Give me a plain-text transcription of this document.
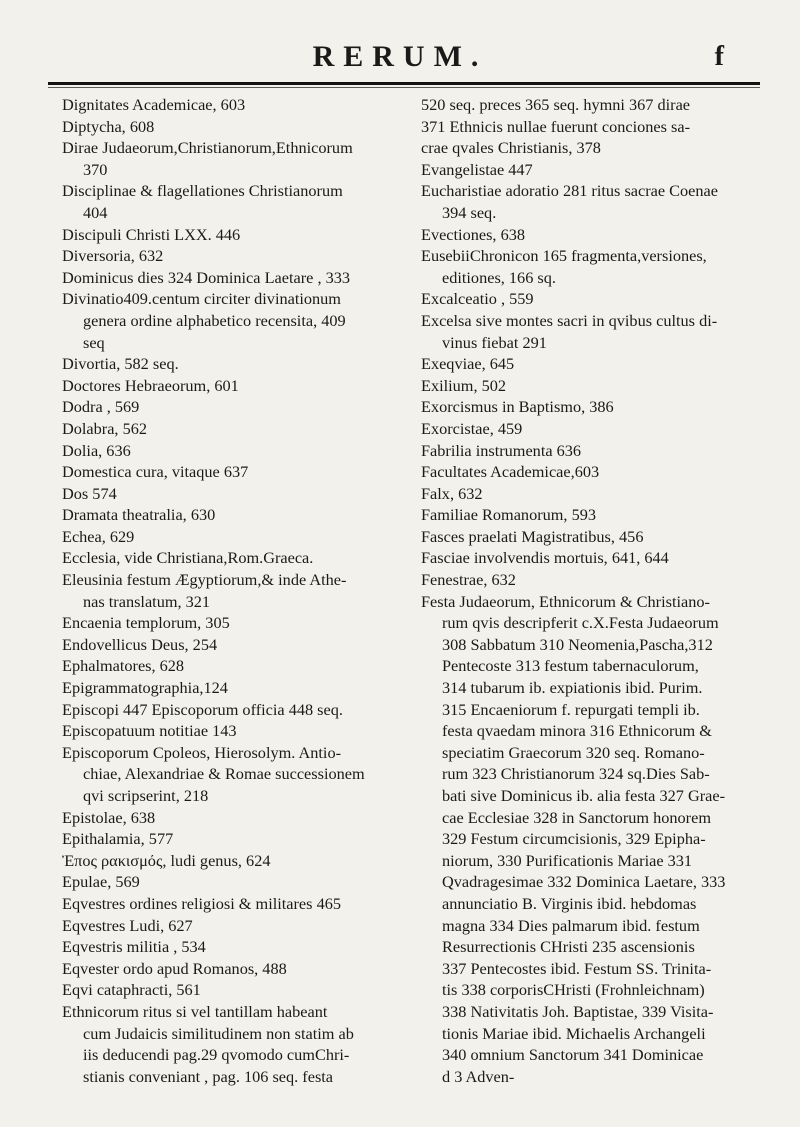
RERUM.	f
Dignitates Academicae, 603
Diptycha, 608
Dirae Judaeorum,Christianorum,Ethnicorum
370
Disciplinae & flagellationes Christianorum
404
Discipuli Christi LXX. 446
Diversoria, 632
Dominicus dies 324 Dominica Laetare , 333
Divinatio409.centum circiter divinationum
genera ordine alphabetico recensita, 409
seq
Divortia, 582 seq.
Doctores Hebraeorum, 601
Dodra , 569
Dolabra, 562
Dolia, 636
Domestica cura, vitaque 637
Dos 574
Dramata theatralia, 630
Echea, 629
Ecclesia, vide Christiana,Rom.Graeca.
Eleusinia festum Ægyptiorum,& inde Athe-
nas translatum, 321
Encaenia templorum, 305
Endovellicus Deus, 254
Ephalmatores, 628
Epigrammatographia,124
Episcopi 447 Episcoporum officia 448 seq.
Episcopatuum notitiae 143
Episcoporum Cpoleos, Hierosolym. Antio-
chiae, Alexandriae & Romae successionem
qvi scripserint, 218
Epistolae, 638
Epithalamia, 577
Ἐπος ρακισμός, ludi genus, 624
Epulae, 569
Eqvestres ordines religiosi & militares 465
Eqvestres Ludi, 627
Eqvestris militia , 534
Eqvester ordo apud Romanos, 488
Eqvi cataphracti, 561
Ethnicorum ritus si vel tantillam habeant
cum Judaicis similitudinem non statim ab
iis deducendi pag.29 qvomodo cumChri-
stianis conveniant , pag. 106 seq. festa
520 seq. preces 365 seq. hymni 367 dirae
371 Ethnicis nullae fuerunt conciones sa-
crae qvales Christianis, 378
Evangelistae 447
Eucharistiae adoratio 281 ritus sacrae Coenae
394 seq.
Evectiones, 638
EusebiiChronicon 165 fragmenta,versiones,
editiones, 166 sq.
Excalceatio , 559
Excelsa sive montes sacri in qvibus cultus di-
vinus fiebat 291
Exeqviae, 645
Exilium, 502
Exorcismus in Baptismo, 386
Exorcistae, 459
Fabrilia instrumenta 636
Facultates Academicae,603
Falx, 632
Familiae Romanorum, 593
Fasces praelati Magistratibus, 456
Fasciae involvendis mortuis, 641, 644
Fenestrae, 632
Festa Judaeorum, Ethnicorum & Christiano-
rum qvis descripferit c.X.Festa Judaeorum
308 Sabbatum 310 Neomenia,Pascha,312
Pentecoste 313 festum tabernaculorum,
314 tubarum ib. expiationis ibid. Purim.
315 Encaeniorum f. repurgati templi ib.
festa qvaedam minora 316 Ethnicorum &
speciatim Graecorum 320 seq. Romano-
rum 323 Christianorum 324 sq.Dies Sab-
bati sive Dominicus ib. alia festa 327 Grae-
cae Ecclesiae 328 in Sanctorum honorem
329 Festum circumcisionis, 329 Epipha-
niorum, 330 Purificationis Mariae 331
Qvadragesimae 332 Dominica Laetare, 333
annunciatio B. Virginis ibid. hebdomas
magna 334 Dies palmarum ibid. festum
Resurrectionis CHristi 235 ascensionis
337 Pentecostes ibid. Festum SS. Trinita-
tis 338 corporisCHristi (Frohnleichnam)
338 Nativitatis Joh. Baptistae, 339 Visita-
tionis Mariae ibid. Michaelis Archangeli
340 omnium Sanctorum 341 Dominicae
d 3 Adven-
